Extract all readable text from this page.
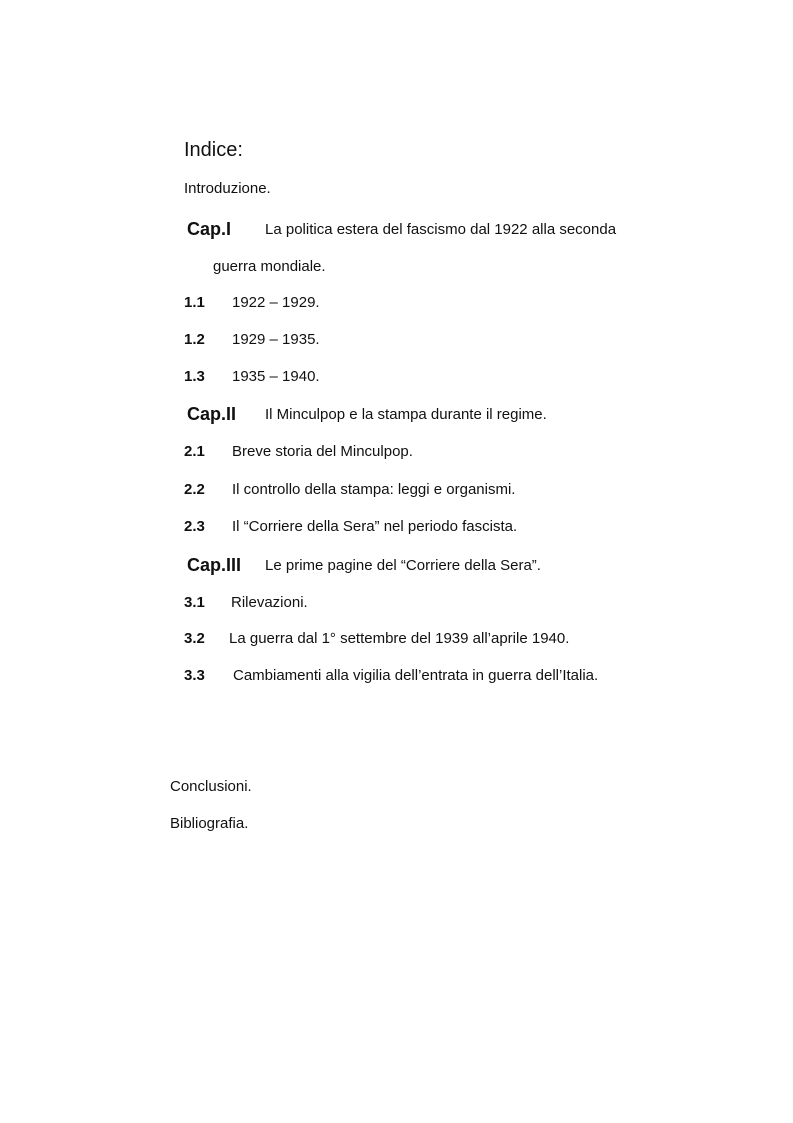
Indice:
Introduzione.
Cap.I La politica estera del fascismo dal 1922 alla seconda
guerra mondiale.
1.1 1922 – 1929.
1.2 1929 – 1935.
1.3 1935 – 1940.
Cap.II Il Minculpop e la stampa durante il regime.
2.1 Breve storia del Minculpop.
2.2 Il controllo della stampa: leggi e organismi.
2.3 Il “Corriere della Sera” nel periodo fascista.
Cap.III Le prime pagine del “Corriere della Sera”.
3.1 Rilevazioni.
3.2 La guerra dal 1° settembre del 1939 all’aprile 1940.
3.3 Cambiamenti alla vigilia dell’entrata in guerra dell’Italia.
Conclusioni.
Bibliografia.
